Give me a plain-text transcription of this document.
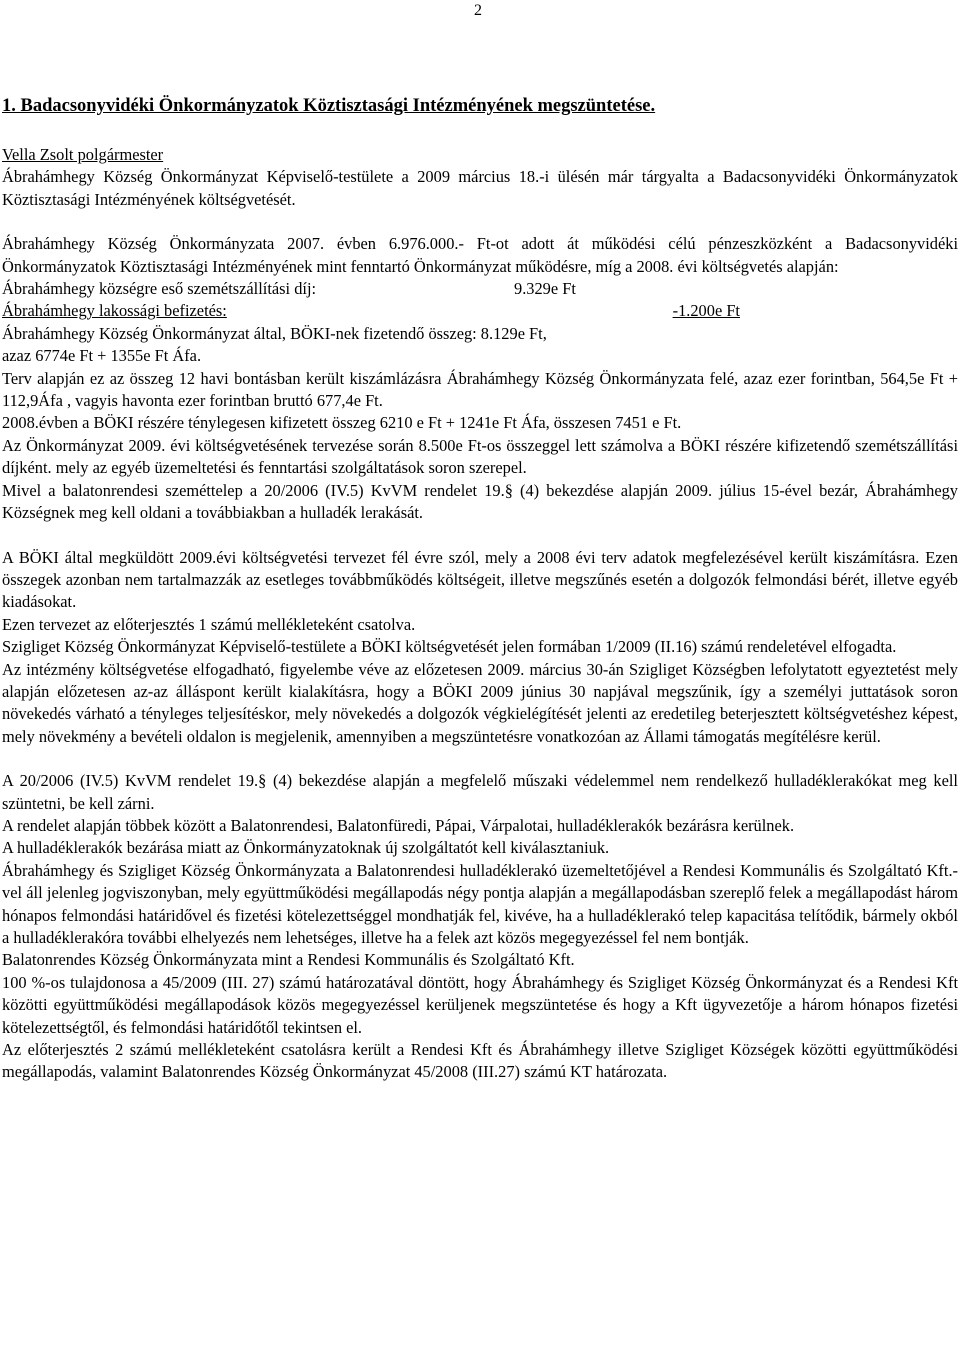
2
1. Badacsonyvidéki Önkormányzatok Köztisztasági Intézményének megszüntetése.

Vella Zsolt polgármester

Ábrahámhegy Község Önkormányzat Képviselő-testülete a 2009 március 18.-i ülésén már tárgyalta a Badacsonyvidéki Önkormányzatok Köztisztasági Intézményének költségvetését.

Ábrahámhegy Község Önkormányzata 2007. évben 6.976.000.- Ft-ot adott át működési célú pénzeszközként a Badacsonyvidéki Önkormányzatok Köztisztasági Intézményének mint fenntartó Önkormányzat működésre, míg a 2008. évi költségvetés alapján:

Ábrahámhegy községre eső szemétszállítási díj:	9.329e Ft
Ábrahámhegy lakossági befizetés:	-1.200e Ft

Ábrahámhegy Község Önkormányzat által, BÖKI-nek fizetendő összeg: 8.129e Ft,

azaz 6774e Ft + 1355e Ft Áfa.

Terv alapján ez az összeg 12 havi bontásban került kiszámlázásra Ábrahámhegy Község Önkormányzata felé, azaz ezer forintban, 564,5e Ft + 112,9Áfa , vagyis havonta ezer forintban bruttó 677,4e Ft.

2008.évben a BÖKI részére ténylegesen kifizetett összeg 6210 e Ft + 1241e Ft Áfa, összesen 7451 e Ft.

Az Önkormányzat 2009. évi költségvetésének tervezése során 8.500e Ft-os összeggel lett számolva a BÖKI részére kifizetendő szemétszállítási díjként. mely az egyéb üzemeltetési és fenntartási szolgáltatások soron szerepel.

Mivel a balatonrendesi szeméttelep a 20/2006 (IV.5) KvVM rendelet 19.§ (4) bekezdése alapján 2009. július 15-ével bezár, Ábrahámhegy Községnek meg kell oldani a továbbiakban a hulladék lerakását.

A BÖKI által megküldött 2009.évi költségvetési tervezet fél évre szól, mely a 2008 évi terv adatok megfelezésével került kiszámításra. Ezen összegek azonban nem tartalmazzák az esetleges továbbműködés költségeit, illetve megszűnés esetén a dolgozók felmondási bérét, illetve egyéb kiadásokat.

Ezen tervezet az előterjesztés 1 számú mellékleteként csatolva.

Szigliget Község Önkormányzat Képviselő-testülete a BÖKI költségvetését jelen formában 1/2009 (II.16) számú rendeletével elfogadta.

Az intézmény költségvetése elfogadható, figyelembe véve az előzetesen 2009. március 30-án Szigliget Községben lefolytatott egyeztetést mely alapján előzetesen az-az álláspont került kialakításra, hogy a BÖKI 2009 június 30 napjával megszűnik, így a személyi juttatások soron növekedés várható a tényleges teljesítéskor, mely növekedés a dolgozók végkielégítését jelenti az eredetileg beterjesztett költségvetéshez képest, mely növekmény a bevételi oldalon is megjelenik, amennyiben a megszüntetésre vonatkozóan az Állami támogatás megítélésre kerül.

A 20/2006 (IV.5) KvVM rendelet 19.§ (4) bekezdése alapján a megfelelő műszaki védelemmel nem rendelkező hulladéklerakókat meg kell szüntetni, be kell zárni.

A rendelet alapján többek között a Balatonrendesi, Balatonfüredi, Pápai, Várpalotai, hulladéklerakók bezárásra kerülnek.

A hulladéklerakók bezárása miatt az Önkormányzatoknak új szolgáltatót kell kiválasztaniuk.

Ábrahámhegy és Szigliget Község Önkormányzata a Balatonrendesi hulladéklerakó üzemeltetőjével a Rendesi Kommunális és Szolgáltató Kft.-vel áll jelenleg jogviszonyban, mely együttműködési megállapodás négy pontja alapján a megállapodásban szereplő felek a megállapodást három hónapos felmondási határidővel és fizetési kötelezettséggel mondhatják fel, kivéve, ha a hulladéklerakó telep kapacitása telítődik, bármely okból a hulladéklerakóra további elhelyezés nem lehetséges, illetve ha a felek azt közös megegyezéssel fel nem bontják.

Balatonrendes Község Önkormányzata mint a Rendesi Kommunális és Szolgáltató Kft.

100 %-os tulajdonosa a 45/2009 (III. 27) számú határozatával döntött, hogy Ábrahámhegy és Szigliget Község Önkormányzat és a Rendesi Kft közötti együttműködési megállapodások közös megegyezéssel kerüljenek megszüntetése és hogy a Kft ügyvezetője a három hónapos fizetési kötelezettségtől, és felmondási határidőtől tekintsen el.

Az előterjesztés 2 számú mellékleteként csatolásra került a Rendesi Kft és Ábrahámhegy illetve Szigliget Községek közötti együttműködési megállapodás, valamint Balatonrendes Község Önkormányzat 45/2008 (III.27) számú KT határozata.
